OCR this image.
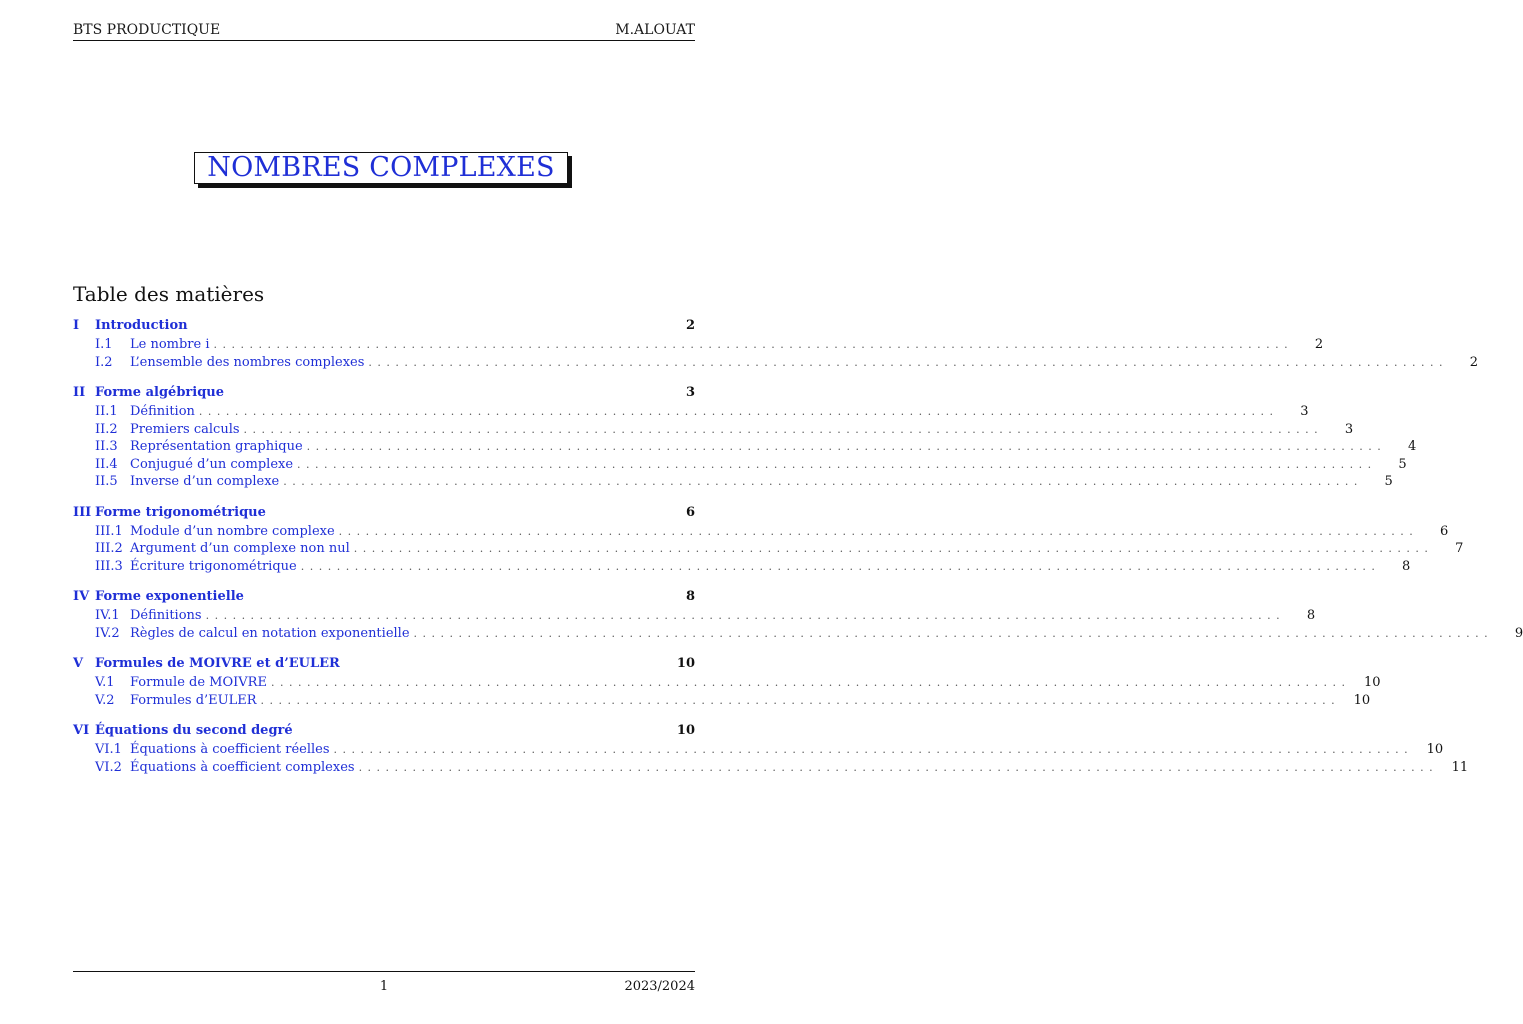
BTS PRODUCTIQUE	M.ALOUAT
NOMBRES COMPLEXES
Table des matières
I	Introduction	2
I.1	Le nombre i ........................................................................................................................	2
I.2	L’ensemble des nombres complexes ........................................................................................................................	2
II Forme algébrique	3
II.1 Définition ........................................................................................................................	3
II.2 Premiers calculs ........................................................................................................................	3
II.3 Représentation graphique ........................................................................................................................	4
II.4 Conjugué d’un complexe ........................................................................................................................	5
II.5 Inverse d’un complexe ........................................................................................................................	5
III Forme trigonométrique	6
III.1 Module d’un nombre complexe ........................................................................................................................	6
III.2 Argument d’un complexe non nul ........................................................................................................................	7
III.3 Écriture trigonométrique ........................................................................................................................	8
IV Forme exponentielle	8
IV.1 Définitions ........................................................................................................................	8
IV.2 Règles de calcul en notation exponentielle ........................................................................................................................	9
V Formules de MOIVRE et d’EULER	10
V.1	Formule de MOIVRE ........................................................................................................................	10
V.2	Formules d’EULER ........................................................................................................................	10
VI Équations du second degré	10
VI.1 Équations à coefficient réelles ........................................................................................................................	10
VI.2 Équations à coefficient complexes ........................................................................................................................	11
1	2023/2024
